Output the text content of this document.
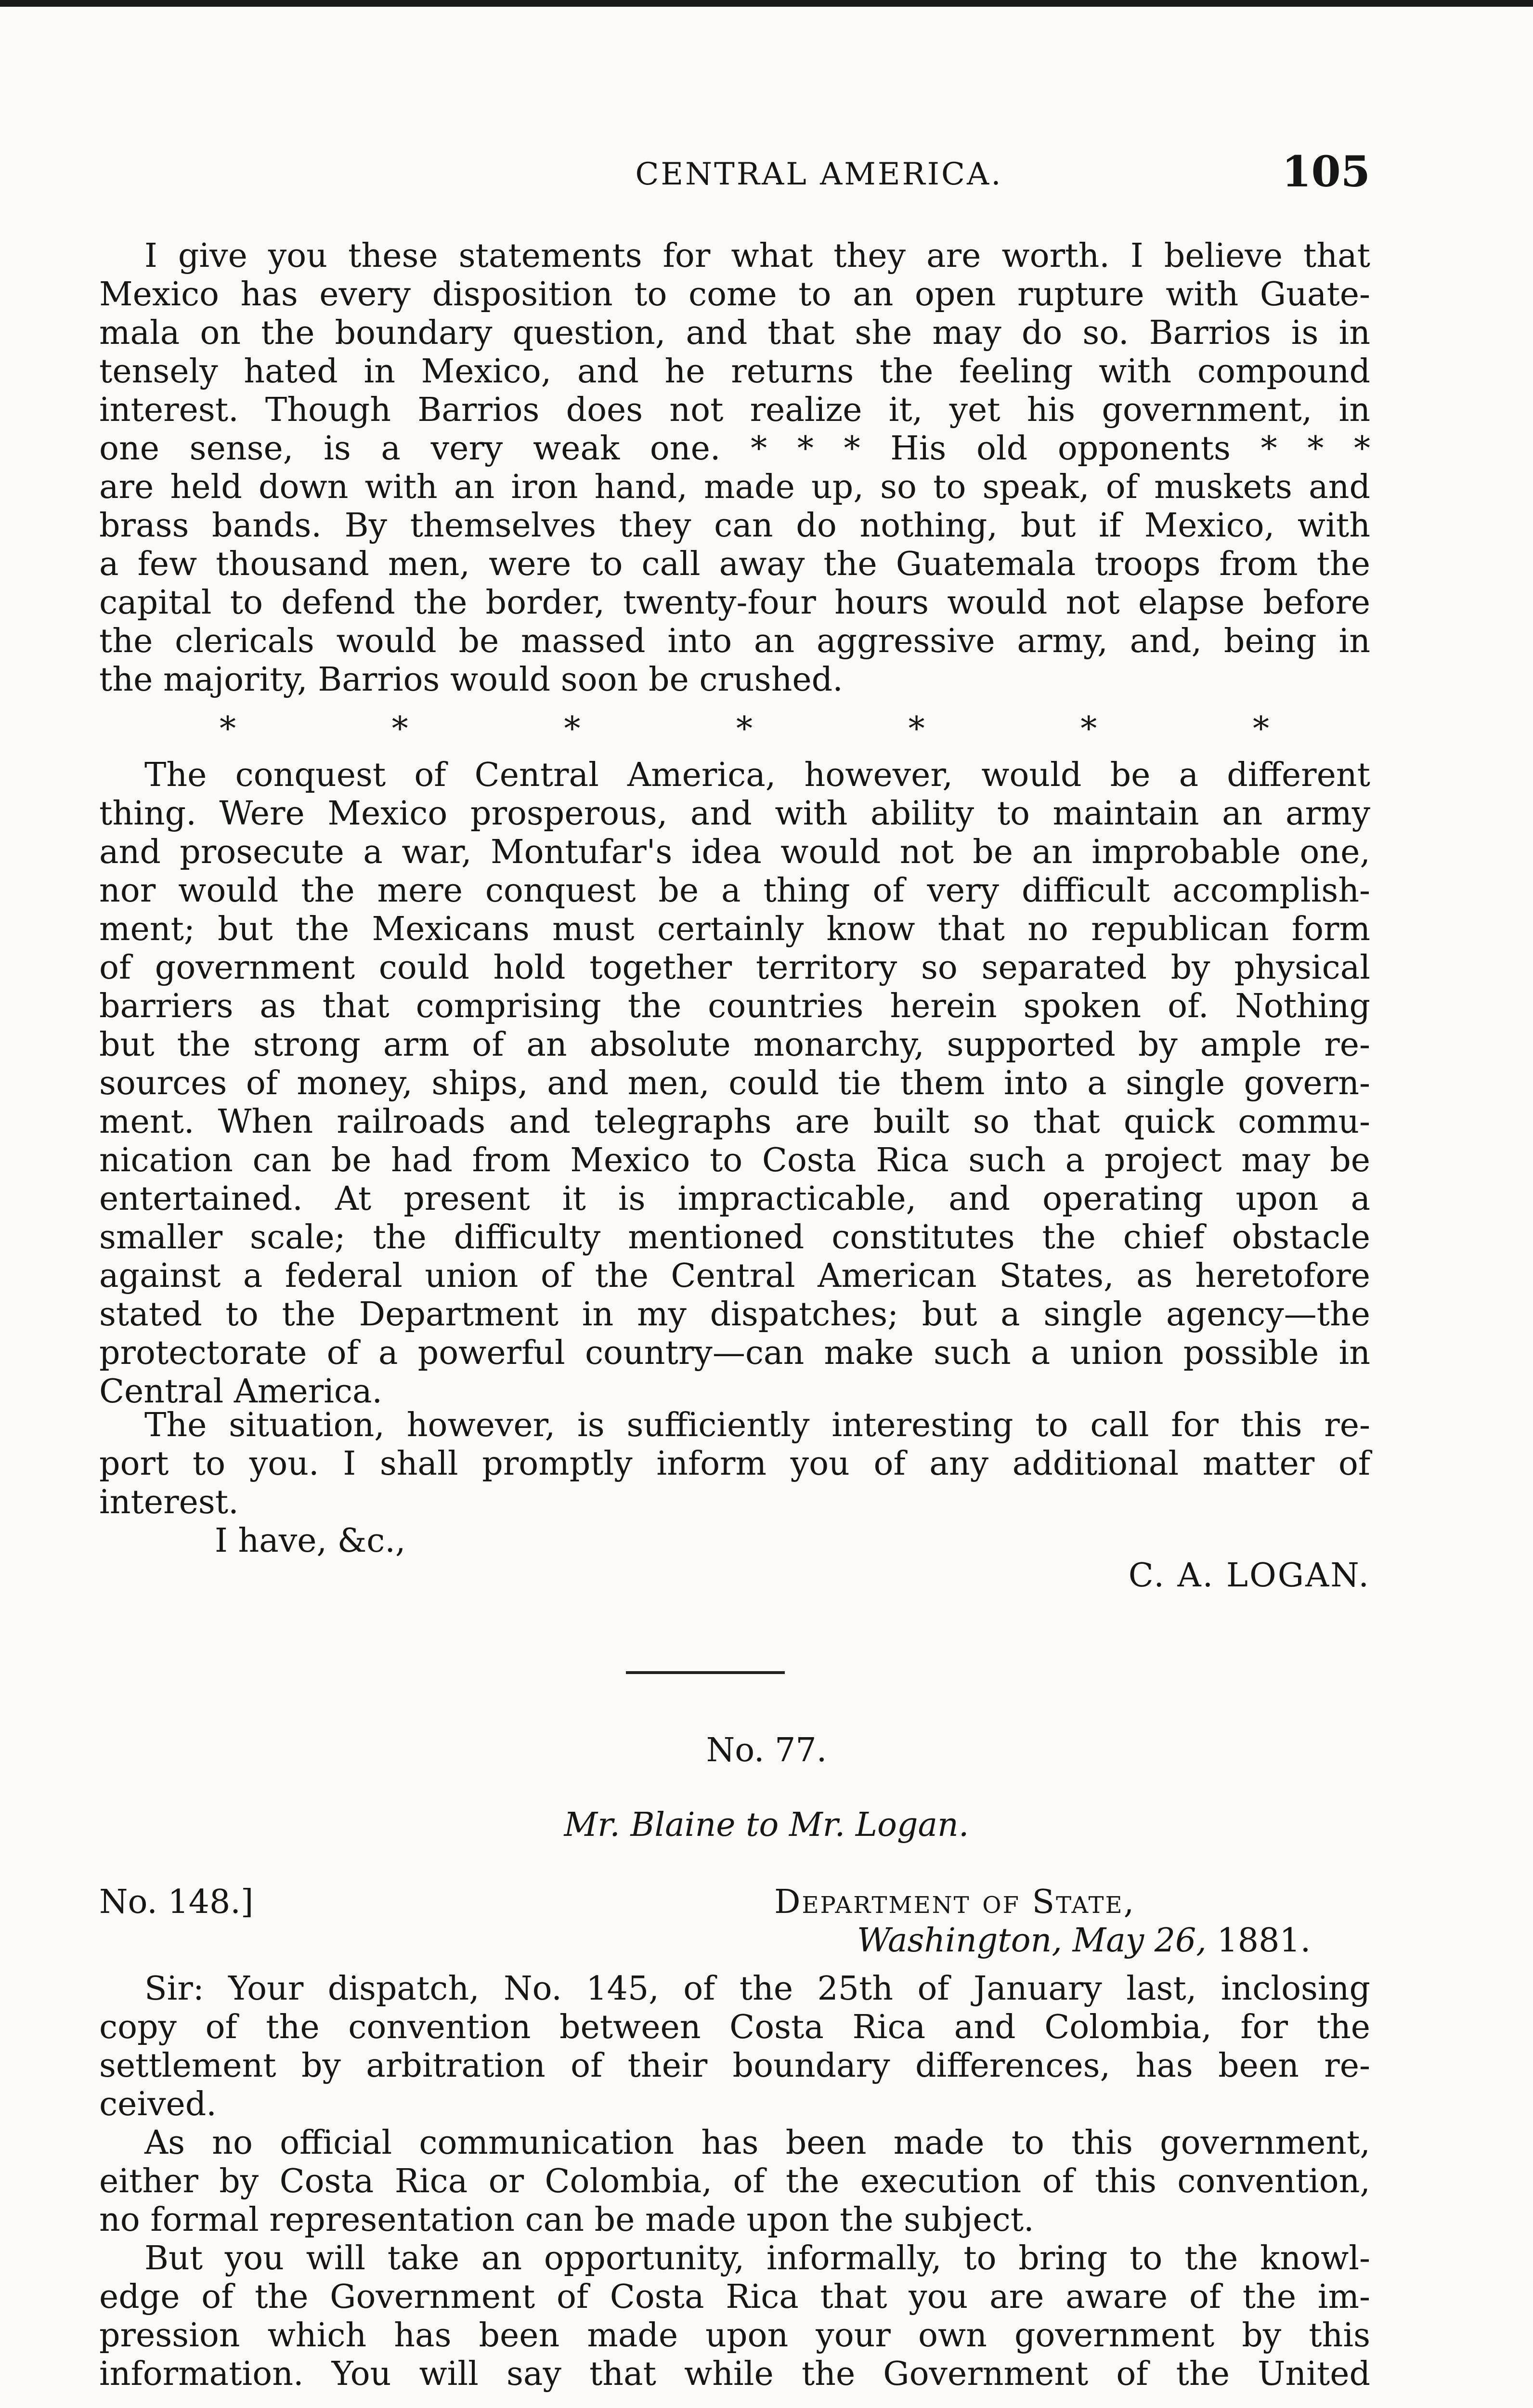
CENTRAL AMERICA.	105
I give you these statements for what they are worth. I believe that
Mexico has every disposition to come to an open rupture with Guate-
mala on the boundary question, and that she may do so. Barrios is in
tensely hated in Mexico, and he returns the feeling with compound
interest. Though Barrios does not realize it, yet his government, in
one sense, is a very weak one. * * * His old opponents * * *
are held down with an iron hand, made up, so to speak, of muskets and
brass bands. By themselves they can do nothing, but if Mexico, with
a few thousand men, were to call away the Guatemala troops from the
capital to defend the border, twenty-four hours would not elapse before
the clericals would be massed into an aggressive army, and, being in
the majority, Barrios would soon be crushed.
*	*	*	*	*	*	*
The conquest of Central America, however, would be a different
thing. Were Mexico prosperous, and with ability to maintain an army
and prosecute a war, Montufar's idea would not be an improbable one,
nor would the mere conquest be a thing of very difficult accomplish-
ment; but the Mexicans must certainly know that no republican form
of government could hold together territory so separated by physical
barriers as that comprising the countries herein spoken of. Nothing
but the strong arm of an absolute monarchy, supported by ample re-
sources of money, ships, and men, could tie them into a single govern-
ment. When railroads and telegraphs are built so that quick commu-
nication can be had from Mexico to Costa Rica such a project may be
entertained. At present it is impracticable, and operating upon a
smaller scale; the difficulty mentioned constitutes the chief obstacle
against a federal union of the Central American States, as heretofore
stated to the Department in my dispatches; but a single agency—the
protectorate of a powerful country—can make such a union possible in
Central America.
The situation, however, is sufficiently interesting to call for this re-
port to you. I shall promptly inform you of any additional matter of
interest.
I have, &c.,
C. A. LOGAN.
No. 77.
Mr. Blaine to Mr. Logan.
No. 148.]	Department of State,
Washington, May 26, 1881.
Sir: Your dispatch, No. 145, of the 25th of January last, inclosing
copy of the convention between Costa Rica and Colombia, for the
settlement by arbitration of their boundary differences, has been re-
ceived.
As no official communication has been made to this government,
either by Costa Rica or Colombia, of the execution of this convention,
no formal representation can be made upon the subject.
But you will take an opportunity, informally, to bring to the knowl-
edge of the Government of Costa Rica that you are aware of the im-
pression which has been made upon your own government by this
information. You will say that while the Government of the United
